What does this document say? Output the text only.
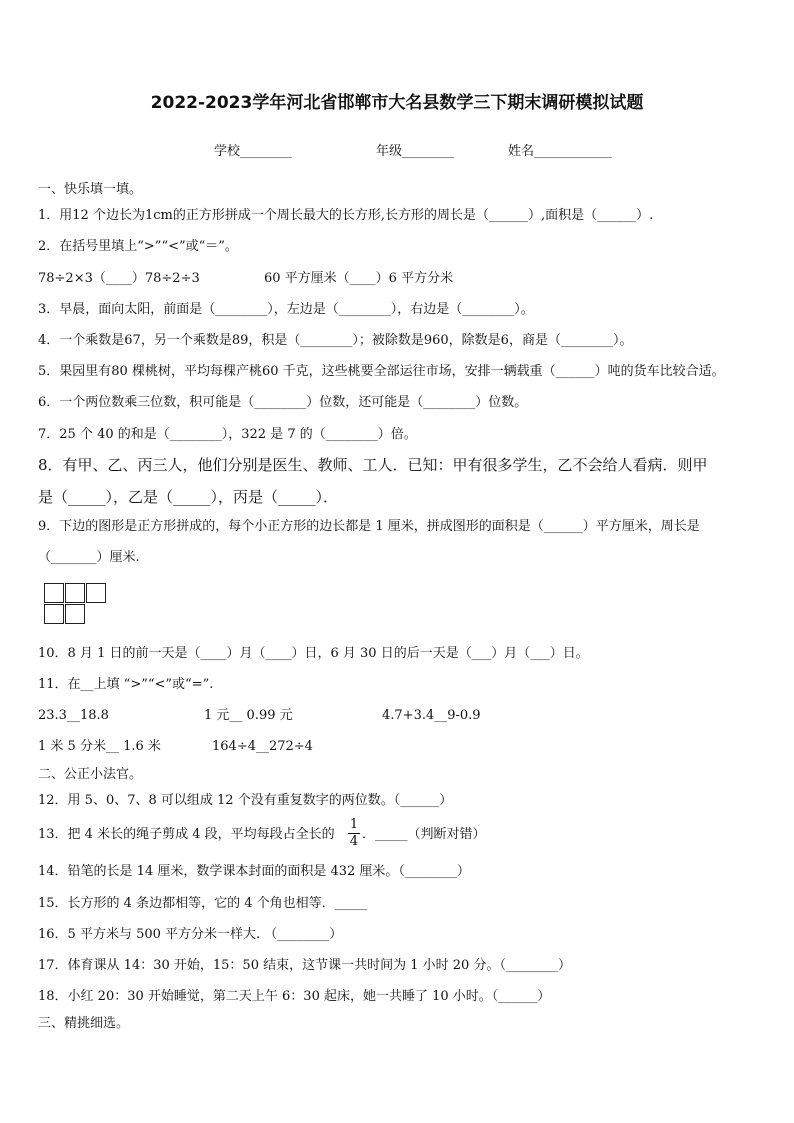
2022-2023学年河北省邯郸市大名县数学三下期末调研模拟试题
学校________	年级________	姓名____________
一、快乐填一填。
1．用12 个边长为1cm的正方形拼成一个周长最大的长方形,长方形的周长是（______）,面积是（______）.
2．在括号里填上“>”“<”或“＝”。
78÷2×3（____）78÷2÷3	60 平方厘米（____）6 平方分米
3．早晨，面向太阳，前面是（________），左边是（________），右边是（________）。
4．一个乘数是67，另一个乘数是89，积是（________）；被除数是960，除数是6，商是（________）。
5．果园里有80 棵桃树，平均每棵产桃60 千克，这些桃要全部运往市场，安排一辆载重（______）吨的货车比较合适。
6．一个两位数乘三位数，积可能是（________）位数，还可能是（________）位数。
7．25 个 40 的和是（________），322 是 7 的（________）倍。
8．有甲、乙、丙三人，他们分别是医生、教师、工人．已知：甲有很多学生，乙不会给人看病．则甲
是（_____），乙是（_____），丙是（_____）．
9．下边的图形是正方形拼成的，每个小正方形的边长都是 1 厘米，拼成图形的面积是（______）平方厘米，周长是
（_______）厘米.
10．8 月 1 日的前一天是（____）月（____）日，6 月 30 日的后一天是（___）月（___）日。
11．在__上填 “>”“<”或“=”.
23.3__18.8	1 元__ 0.99 元	4.7+3.4__9-0.9
1 米 5 分米__ 1.6 米	164÷4__272÷4
二、公正小法官。
12．用 5、0、7、8 可以组成 12 个没有重复数字的两位数。（______）
13．把 4 米长的绳子剪成 4 段，平均每段占全长的
1
4 ．_____（判断对错）
14．铅笔的长是 14 厘米，数学课本封面的面积是 432 厘米。（________）
15．长方形的 4 条边都相等，它的 4 个角也相等．_____
16．5 平方米与 500 平方分米一样大. （________）
17．体育课从 14：30 开始，15：50 结束，这节课一共时间为 1 小时 20 分。（________）
18．小红 20：30 开始睡觉，第二天上午 6：30 起床，她一共睡了 10 小时。（______）
三、精挑细选。
